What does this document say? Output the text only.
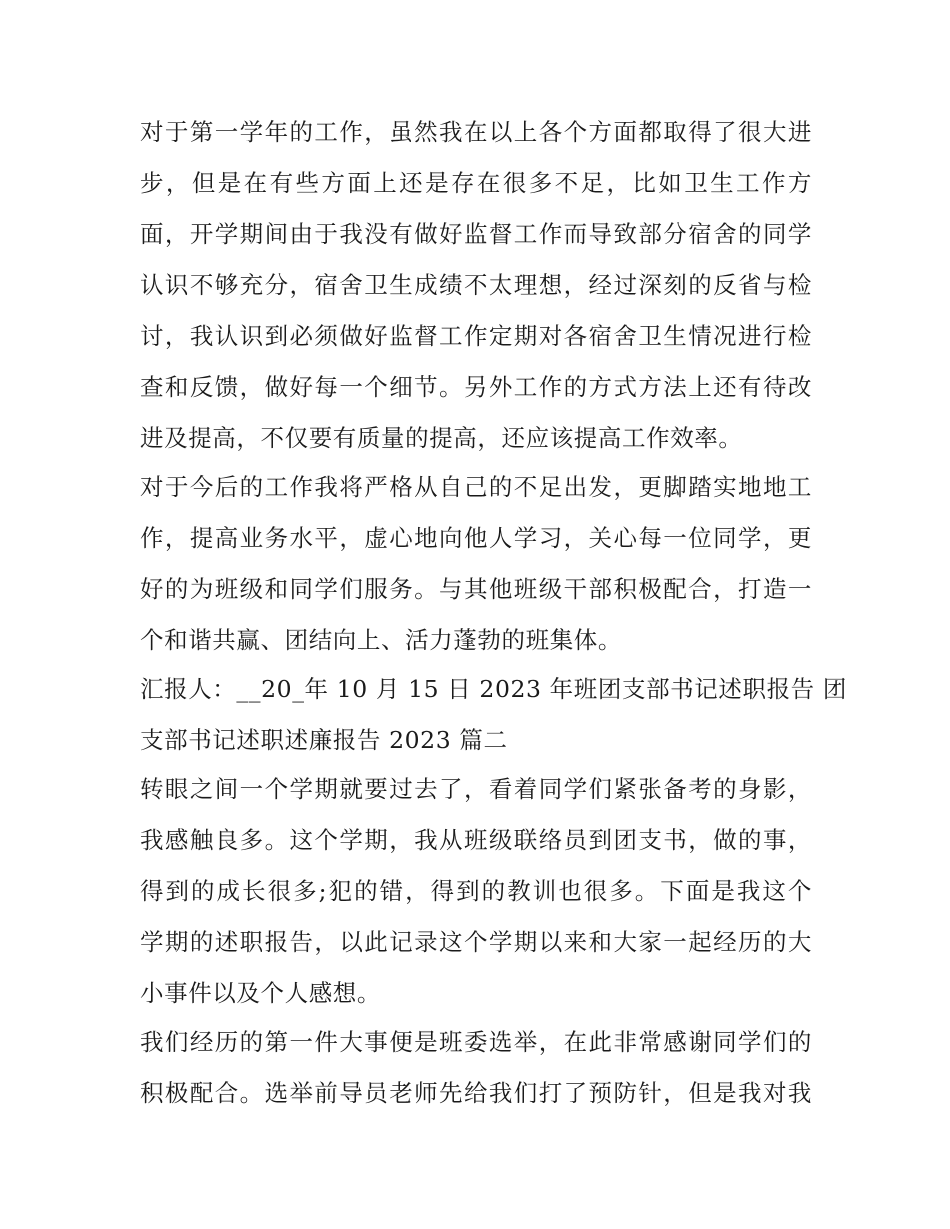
对于第一学年的工作，虽然我在以上各个方面都取得了很大进
步，但是在有些方面上还是存在很多不足，比如卫生工作方
面，开学期间由于我没有做好监督工作而导致部分宿舍的同学
认识不够充分，宿舍卫生成绩不太理想，经过深刻的反省与检
讨，我认识到必须做好监督工作定期对各宿舍卫生情况进行检
查和反馈，做好每一个细节。另外工作的方式方法上还有待改
进及提高，不仅要有质量的提高，还应该提高工作效率。
对于今后的工作我将严格从自己的不足出发，更脚踏实地地工
作，提高业务水平，虚心地向他人学习，关心每一位同学，更
好的为班级和同学们服务。与其他班级干部积极配合，打造一
个和谐共赢、团结向上、活力蓬勃的班集体。
汇报人：__20_年 10 月 15 日 2023 年班团支部书记述职报告 团
支部书记述职述廉报告 2023 篇二
转眼之间一个学期就要过去了，看着同学们紧张备考的身影，
我感触良多。这个学期，我从班级联络员到团支书，做的事，
得到的成长很多;犯的错，得到的教训也很多。下面是我这个
学期的述职报告，以此记录这个学期以来和大家一起经历的大
小事件以及个人感想。
我们经历的第一件大事便是班委选举，在此非常感谢同学们的
积极配合。选举前导员老师先给我们打了预防针，但是我对我
